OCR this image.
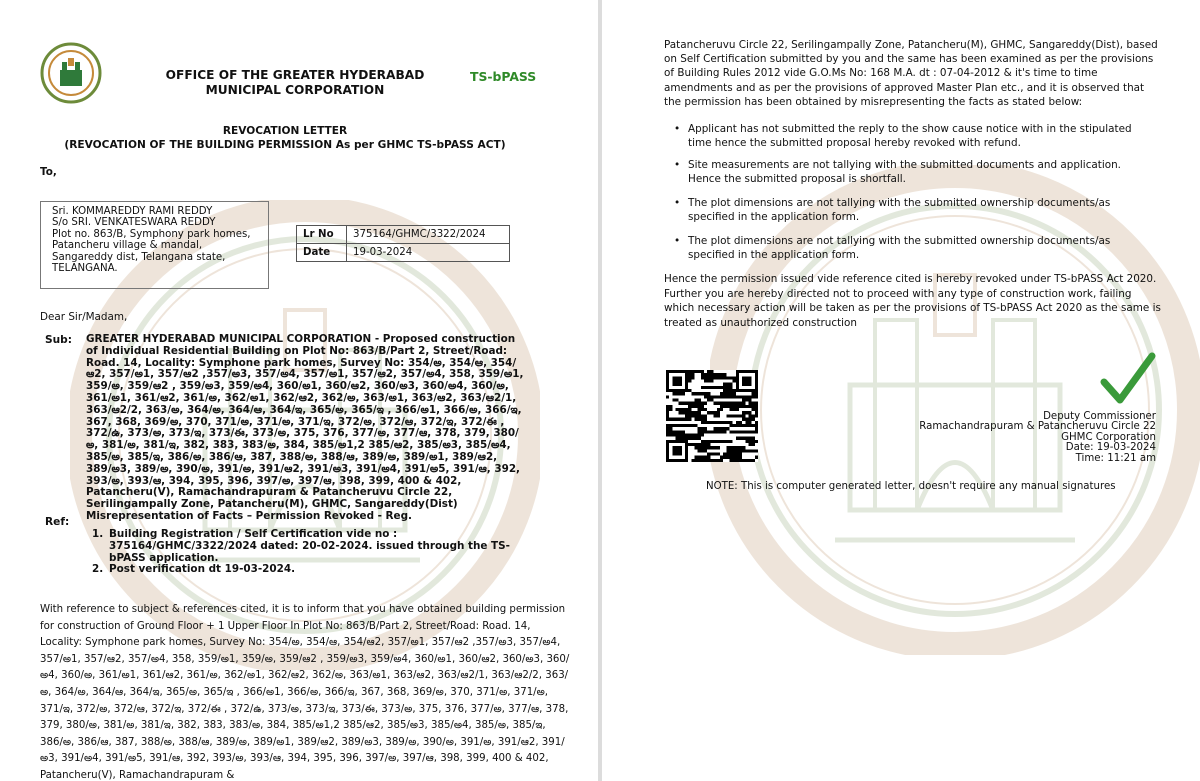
OFFICE OF THE GREATER HYDERABAD MUNICIPAL CORPORATION
TS-bPASS
REVOCATION LETTER
(REVOCATION OF THE BUILDING PERMISSION As per GHMC TS-bPASS ACT)
To,
Sri. KOMMAREDDY RAMI REDDY
S/o SRI. VENKATESWARA REDDY
Plot no. 863/B, Symphony park homes,
Patancheru village & mandal,
Sangareddy dist, Telangana state,
TELANGANA.
Lr No	375164/GHMC/3322/2024
Date	19-03-2024
Dear Sir/Madam,
Sub: GREATER HYDERABAD MUNICIPAL CORPORATION - Proposed construction of Individual Residential Building on Plot No: 863/B/Part 2, Street/Road: Road. 14, Locality: Symphone park homes, Survey No: 354/అ, 354/ఆ, 354/ఆ2, 357/అ1, 357/ఆ2 ,357/అ3, 357/అ4, 357/అ1, 357/ఆ2, 357/అ4, 358, 359/అ1, 359/అ, 359/ఆ2 , 359/అ3, 359/అ4, 360/అ1, 360/ఆ2, 360/అ3, 360/అ4, 360/అ, 361/అ1, 361/ఆ2, 361/అ, 362/అ1, 362/ఆ2, 362/అ, 363/అ1, 363/ఆ2, 363/ఆ2/1, 363/ఆ2/2, 363/అ, 364/అ, 364/ఆ, 364/ఇ, 365/అ, 365/ఇ , 366/అ1, 366/అ, 366/ఇ, 367, 368, 369/అ, 370, 371/అ, 371/అ, 371/ఇ, 372/అ, 372/ఆ, 372/ఇ, 372/ఈ , 372/ఉ, 373/అ, 373/ఇ, 373/ఈ, 373/అ, 375, 376, 377/అ, 377/ఆ, 378, 379, 380/అ, 381/అ, 381/ఇ, 382, 383, 383/అ, 384, 385/అ1,2 385/ఆ2, 385/అ3, 385/అ4, 385/అ, 385/ఇ, 386/అ, 386/ఆ, 387, 388/అ, 388/ఆ, 389/అ, 389/అ1, 389/ఆ2, 389/అ3, 389/అ, 390/అ, 391/అ, 391/ఆ2, 391/అ3, 391/అ4, 391/అ5, 391/ఆ, 392, 393/అ, 393/ఆ, 394, 395, 396, 397/అ, 397/ఆ, 398, 399, 400 & 402, Patancheru(V), Ramachandrapuram & Patancheruvu Circle 22, Serilingampally Zone, Patancheru(M), GHMC, Sangareddy(Dist) Misrepresentation of Facts – Permission Revoked - Reg.
Ref:
1. Building Registration / Self Certification vide no : 375164/GHMC/3322/2024 dated: 20-02-2024. issued through the TS-bPASS application.
2. Post verification dt 19-03-2024.
With reference to subject & references cited, it is to inform that you have obtained building permission for construction of Ground Floor + 1 Upper Floor In Plot No: 863/B/Part 2, Street/Road: Road. 14, Locality: Symphone park homes, Survey No: 354/అ, 354/ఆ, 354/ఆ2, 357/అ1, 357/ఆ2 ,357/అ3, 357/అ4, 357/అ1, 357/ఆ2, 357/అ4, 358, 359/అ1, 359/అ, 359/ఆ2 , 359/అ3, 359/అ4, 360/అ1, 360/ఆ2, 360/అ3, 360/అ4, 360/అ, 361/అ1, 361/ఆ2, 361/అ, 362/అ1, 362/ఆ2, 362/అ, 363/అ1, 363/ఆ2, 363/ఆ2/1, 363/ఆ2/2, 363/అ, 364/అ, 364/ఆ, 364/ఇ, 365/అ, 365/ఇ , 366/అ1, 366/అ, 366/ఇ, 367, 368, 369/అ, 370, 371/అ, 371/అ, 371/ఇ, 372/అ, 372/ఆ, 372/ఇ, 372/ఈ , 372/ఉ, 373/అ, 373/ఇ, 373/ఈ, 373/అ, 375, 376, 377/అ, 377/ఆ, 378, 379, 380/అ, 381/అ, 381/ఇ, 382, 383, 383/అ, 384, 385/అ1,2 385/ఆ2, 385/అ3, 385/అ4, 385/అ, 385/ఇ, 386/అ, 386/ఆ, 387, 388/అ, 388/ఆ, 389/అ, 389/అ1, 389/ఆ2, 389/అ3, 389/అ, 390/అ, 391/అ, 391/ఆ2, 391/అ3, 391/అ4, 391/అ5, 391/ఆ, 392, 393/అ, 393/ఆ, 394, 395, 396, 397/అ, 397/ఆ, 398, 399, 400 & 402, Patancheru(V), Ramachandrapuram &
Patancheruvu Circle 22, Serilingampally Zone, Patancheru(M), GHMC, Sangareddy(Dist), based on Self Certification submitted by you and the same has been examined as per the provisions of Building Rules 2012 vide G.O.Ms No: 168 M.A. dt : 07-04-2012 & it's time to time amendments and as per the provisions of approved Master Plan etc., and it is observed that the permission has been obtained by misrepresenting the facts as stated below:
• Applicant has not submitted the reply to the show cause notice with in the stipulated time hence the submitted proposal hereby revoked with refund.
• Site measurements are not tallying with the submitted documents and application. Hence the submitted proposal is shortfall.
• The plot dimensions are not tallying with the submitted ownership documents/as specified in the application form.
• The plot dimensions are not tallying with the submitted ownership documents/as specified in the application form.
Hence the permission issued vide reference cited is hereby revoked under TS-bPASS Act 2020. Further you are hereby directed not to proceed with any type of construction work, failing which necessary action will be taken as per the provisions of TS-bPASS Act 2020 as the same is treated as unauthorized construction
Deputy Commissioner
Ramachandrapuram & Patancheruvu Circle 22
GHMC Corporation
Date: 19-03-2024
Time: 11:21 am
NOTE: This is computer generated letter, doesn't require any manual signatures
